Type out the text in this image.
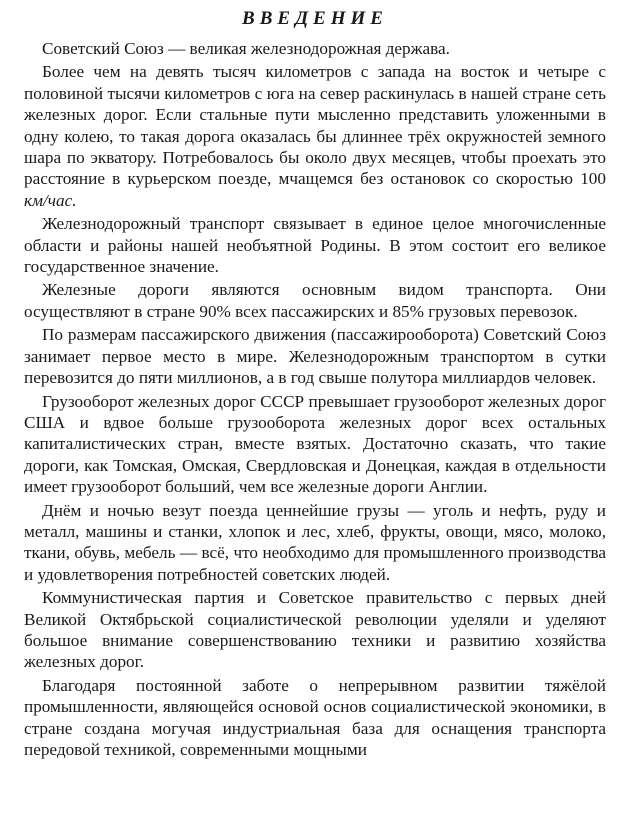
ВВЕДЕНИЕ

Советский Союз — великая железнодорожная держава.

Более чем на девять тысяч километров с запада на восток и четыре с половиной тысячи километров с юга на север раскинулась в нашей стране сеть железных дорог. Если стальные пути мысленно представить уложенными в одну колею, то такая дорога оказалась бы длиннее трёх окружностей земного шара по экватору. Потребовалось бы около двух месяцев, чтобы проехать это расстояние в курьерском поезде, мчащемся без остановок со скоростью 100 км/час.

Железнодорожный транспорт связывает в единое целое многочисленные области и районы нашей необъятной Родины. В этом состоит его великое государственное значение.

Железные дороги являются основным видом транспорта. Они осуществляют в стране 90% всех пассажирских и 85% грузовых перевозок.

По размерам пассажирского движения (пассажирооборота) Советский Союз занимает первое место в мире. Железнодорожным транспортом в сутки перевозится до пяти миллионов, а в год свыше полутора миллиардов человек.

Грузооборот железных дорог СССР превышает грузооборот железных дорог США и вдвое больше грузооборота железных дорог всех остальных капиталистических стран, вместе взятых. Достаточно сказать, что такие дороги, как Томская, Омская, Свердловская и Донецкая, каждая в отдельности имеет грузооборот больший, чем все железные дороги Англии.

Днём и ночью везут поезда ценнейшие грузы — уголь и нефть, руду и металл, машины и станки, хлопок и лес, хлеб, фрукты, овощи, мясо, молоко, ткани, обувь, мебель — всё, что необходимо для промышленного производства и удовлетворения потребностей советских людей.

Коммунистическая партия и Советское правительство с первых дней Великой Октябрьской социалистической революции уделяли и уделяют большое внимание совершенствованию техники и развитию хозяйства железных дорог.

Благодаря постоянной заботе о непрерывном развитии тяжёлой промышленности, являющейся основой основ социалистической экономики, в стране создана могучая индустриальная база для оснащения транспорта передовой техникой, современными мощными
